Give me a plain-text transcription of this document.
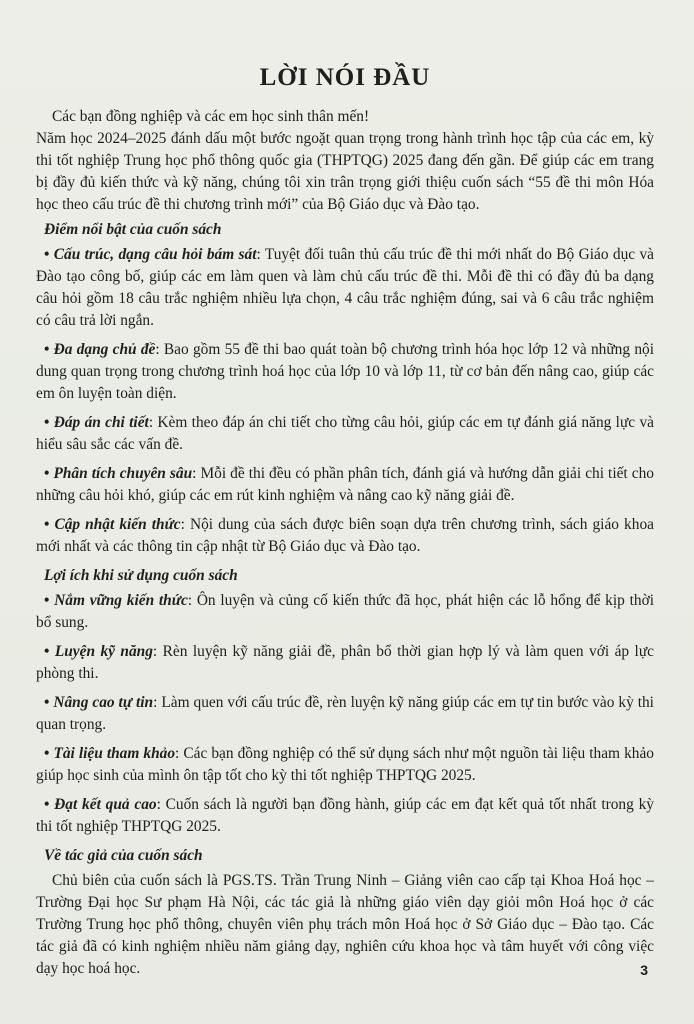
LỜI NÓI ĐẦU

Các bạn đồng nghiệp và các em học sinh thân mến!

Năm học 2024–2025 đánh dấu một bước ngoặt quan trọng trong hành trình học tập của các em, kỳ thi tốt nghiệp Trung học phổ thông quốc gia (THPTQG) 2025 đang đến gần. Để giúp các em trang bị đầy đủ kiến thức và kỹ năng, chúng tôi xin trân trọng giới thiệu cuốn sách “55 đề thi môn Hóa học theo cấu trúc đề thi chương trình mới” của Bộ Giáo dục và Đào tạo.

Điểm nổi bật của cuốn sách

• Cấu trúc, dạng câu hỏi bám sát: Tuyệt đối tuân thủ cấu trúc đề thi mới nhất do Bộ Giáo dục và Đào tạo công bố, giúp các em làm quen và làm chủ cấu trúc đề thi. Mỗi đề thi có đầy đủ ba dạng câu hỏi gồm 18 câu trắc nghiệm nhiều lựa chọn, 4 câu trắc nghiệm đúng, sai và 6 câu trắc nghiệm có câu trả lời ngắn.

• Đa dạng chủ đề: Bao gồm 55 đề thi bao quát toàn bộ chương trình hóa học lớp 12 và những nội dung quan trọng trong chương trình hoá học của lớp 10 và lớp 11, từ cơ bản đến nâng cao, giúp các em ôn luyện toàn diện.

• Đáp án chi tiết: Kèm theo đáp án chi tiết cho từng câu hỏi, giúp các em tự đánh giá năng lực và hiểu sâu sắc các vấn đề.

• Phân tích chuyên sâu: Mỗi đề thi đều có phần phân tích, đánh giá và hướng dẫn giải chi tiết cho những câu hỏi khó, giúp các em rút kinh nghiệm và nâng cao kỹ năng giải đề.

• Cập nhật kiến thức: Nội dung của sách được biên soạn dựa trên chương trình, sách giáo khoa mới nhất và các thông tin cập nhật từ Bộ Giáo dục và Đào tạo.

Lợi ích khi sử dụng cuốn sách

• Nắm vững kiến thức: Ôn luyện và củng cố kiến thức đã học, phát hiện các lỗ hổng để kịp thời bổ sung.

• Luyện kỹ năng: Rèn luyện kỹ năng giải đề, phân bổ thời gian hợp lý và làm quen với áp lực phòng thi.

• Nâng cao tự tin: Làm quen với cấu trúc đề, rèn luyện kỹ năng giúp các em tự tin bước vào kỳ thi quan trọng.

• Tài liệu tham khảo: Các bạn đồng nghiệp có thể sử dụng sách như một nguồn tài liệu tham khảo giúp học sinh của mình ôn tập tốt cho kỳ thi tốt nghiệp THPTQG 2025.

• Đạt kết quả cao: Cuốn sách là người bạn đồng hành, giúp các em đạt kết quả tốt nhất trong kỳ thi tốt nghiệp THPTQG 2025.

Về tác giả của cuốn sách

Chủ biên của cuốn sách là PGS.TS. Trần Trung Ninh – Giảng viên cao cấp tại Khoa Hoá học – Trường Đại học Sư phạm Hà Nội, các tác giả là những giáo viên dạy giỏi môn Hoá học ở các Trường Trung học phổ thông, chuyên viên phụ trách môn Hoá học ở Sở Giáo dục – Đào tạo. Các tác giả đã có kinh nghiệm nhiều năm giảng dạy, nghiên cứu khoa học và tâm huyết với công việc dạy học hoá học.	3
